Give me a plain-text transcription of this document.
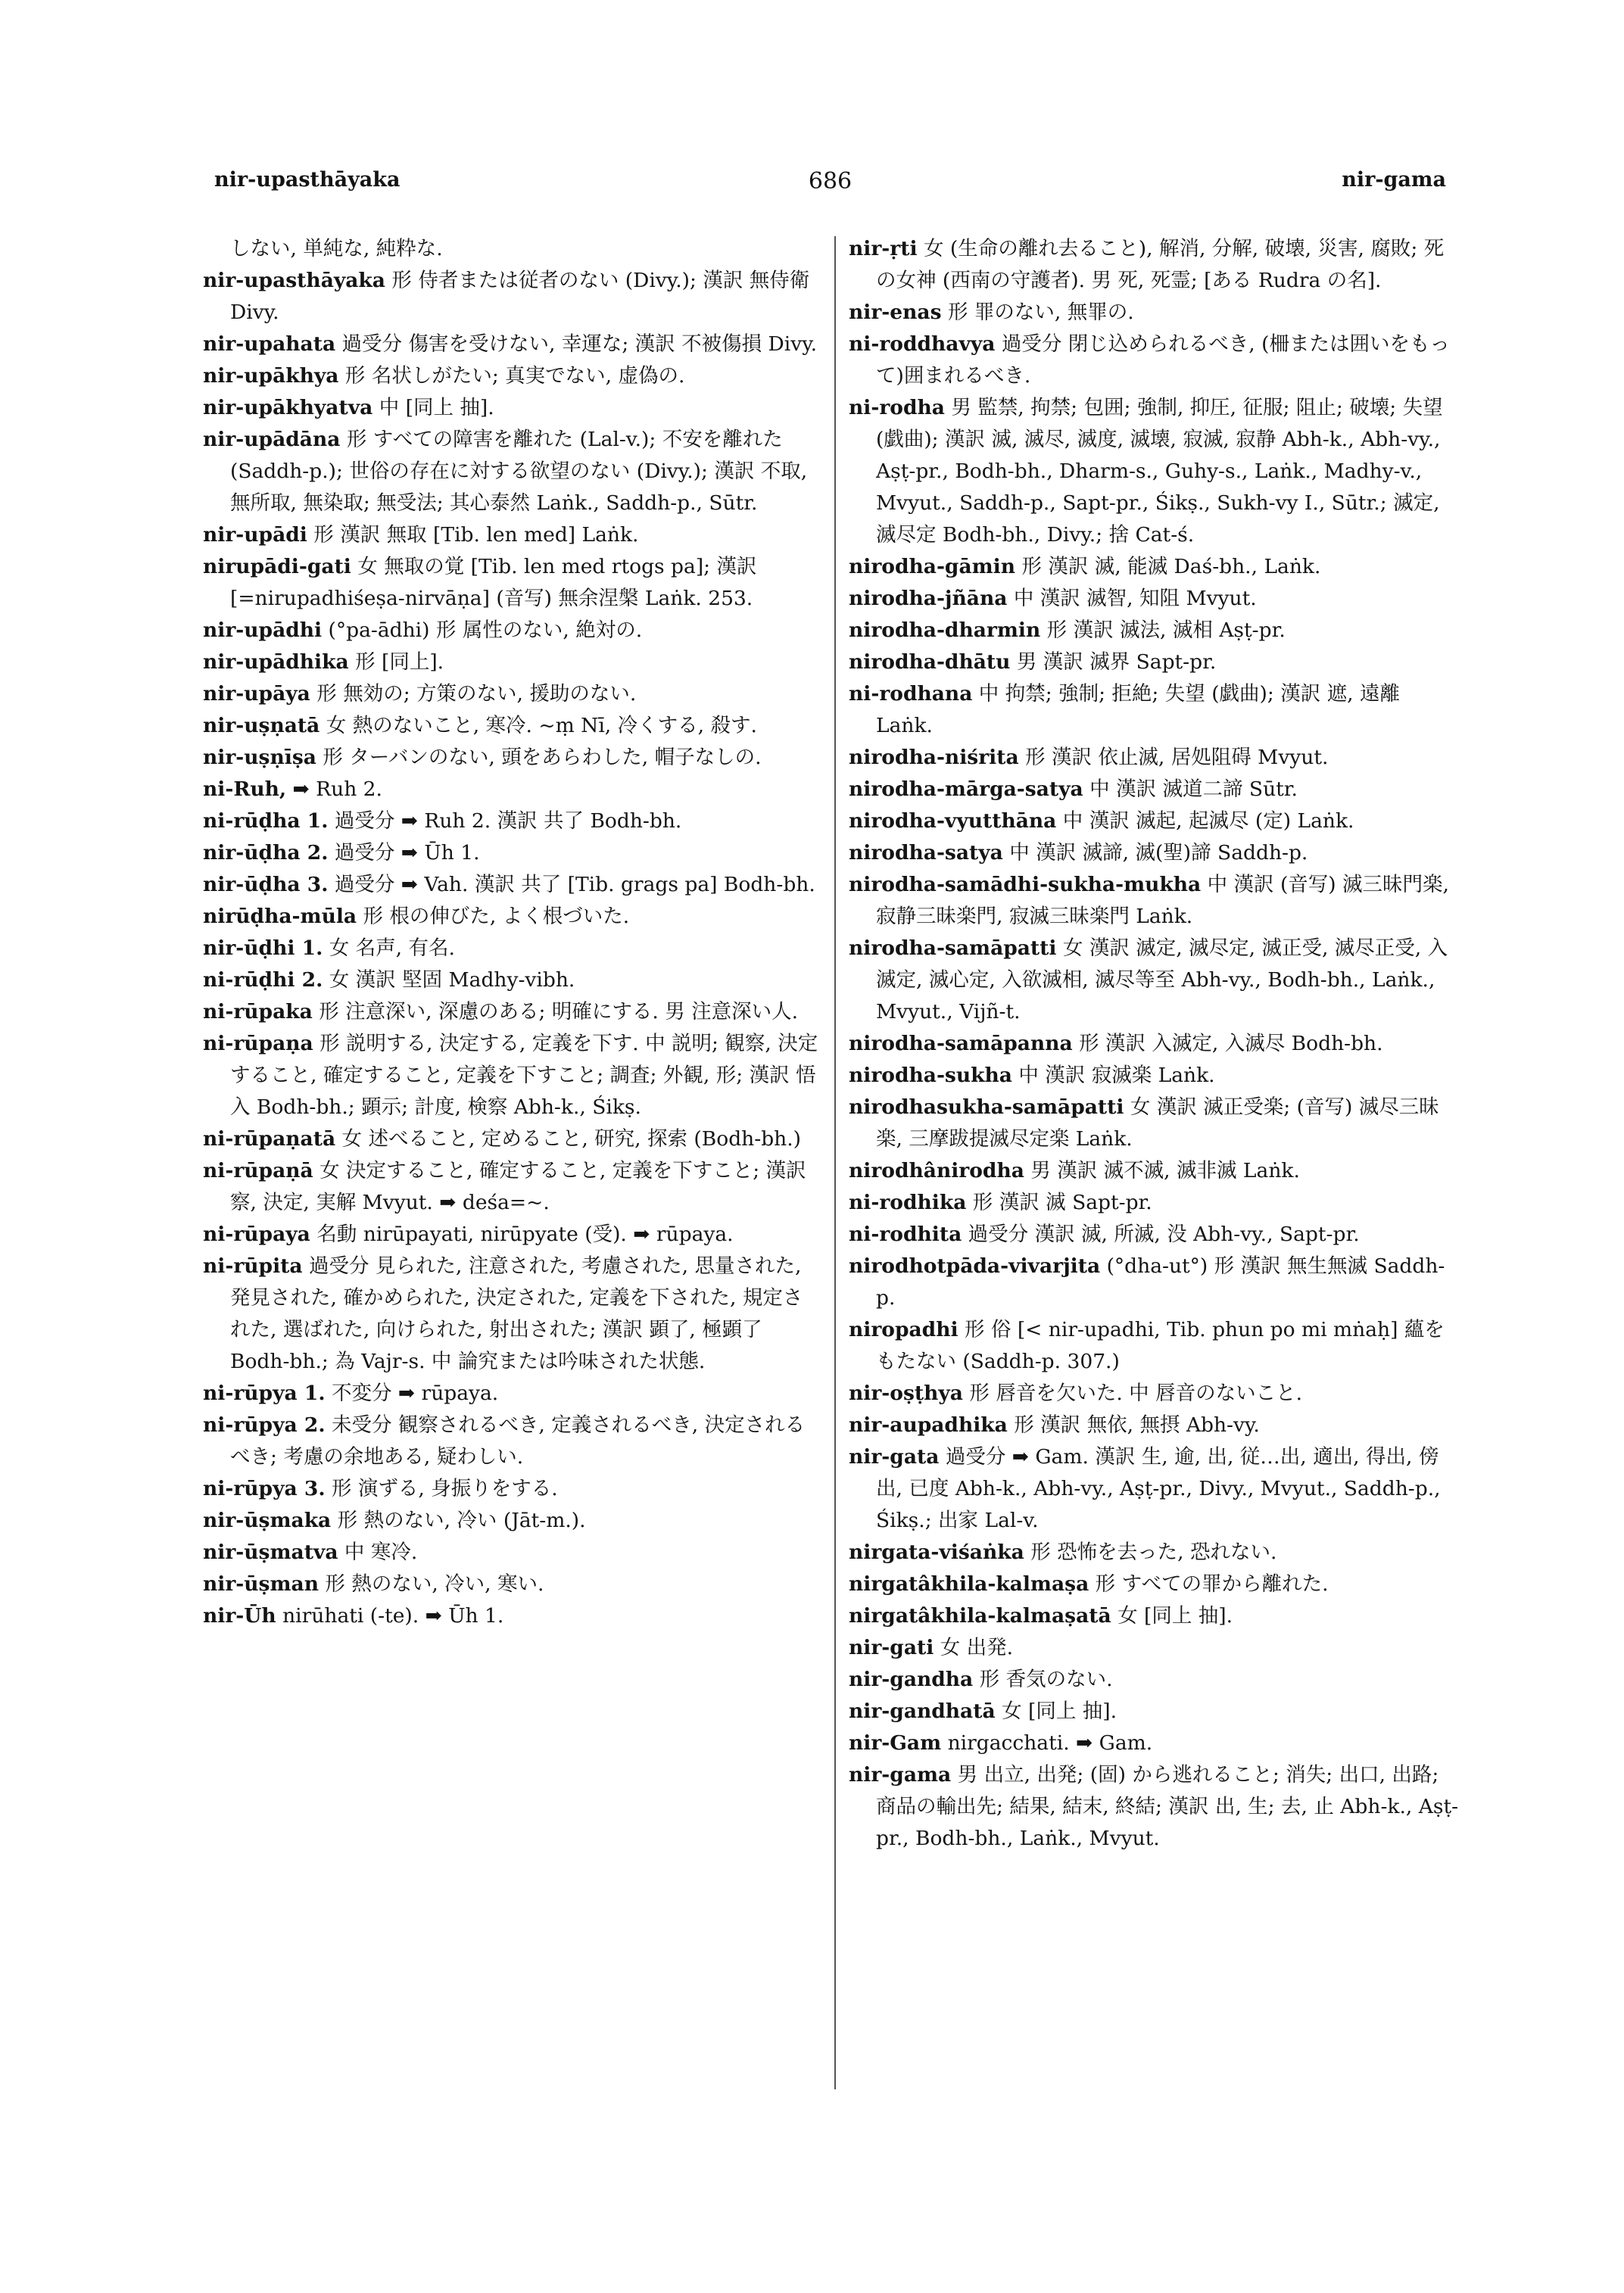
nir-upasthāyaka	686	nir-gama

しない, 単純な, 純粋な.

nir-upasthāyaka 形 侍者または従者のない (Divy.); 漢訳 無侍衛 Divy.

nir-upahata 過受分 傷害を受けない, 幸運な; 漢訳 不被傷損 Divy.

nir-upākhya 形 名状しがたい; 真実でない, 虚偽の.

nir-upākhyatva 中 [同上 抽].

nir-upādāna 形 すべての障害を離れた (Lal-v.); 不安を離れた (Saddh-p.); 世俗の存在に対する欲望のない (Divy.); 漢訳 不取, 無所取, 無染取; 無受法; 其心泰然 Laṅk., Saddh-p., Sūtr.

nir-upādi 形 漢訳 無取 [Tib. len med] Laṅk.

nirupādi-gati 女 無取の覚 [Tib. len med rtogs pa]; 漢訳 [=nirupadhiśeṣa-nirvāṇa] (音写) 無余涅槃 Laṅk. 253.

nir-upādhi (°pa-ādhi) 形 属性のない, 絶対の.

nir-upādhika 形 [同上].

nir-upāya 形 無効の; 方策のない, 援助のない.

nir-uṣṇatā 女 熱のないこと, 寒冷. ~ṃ Nī, 冷くする, 殺す.

nir-uṣṇīṣa 形 ターバンのない, 頭をあらわした, 帽子なしの.

ni-Ruh, ➡ Ruh 2.

ni-rūḍha 1. 過受分 ➡ Ruh 2. 漢訳 共了 Bodh-bh.

nir-ūḍha 2. 過受分 ➡ Ūh 1.

nir-ūḍha 3. 過受分 ➡ Vah. 漢訳 共了 [Tib. grags pa] Bodh-bh.

nirūḍha-mūla 形 根の伸びた, よく根づいた.

nir-ūḍhi 1. 女 名声, 有名.

ni-rūḍhi 2. 女 漢訳 堅固 Madhy-vibh.

ni-rūpaka 形 注意深い, 深慮のある; 明確にする. 男 注意深い人.

ni-rūpaṇa 形 説明する, 決定する, 定義を下す. 中 説明; 観察, 決定すること, 確定すること, 定義を下すこと; 調査; 外観, 形; 漢訳 悟入 Bodh-bh.; 顕示; 計度, 検察 Abh-k., Śikṣ.

ni-rūpaṇatā 女 述べること, 定めること, 研究, 探索 (Bodh-bh.)

ni-rūpaṇā 女 決定すること, 確定すること, 定義を下すこと; 漢訳 察, 決定, 実解 Mvyut. ➡ deśa=~.

ni-rūpaya 名動 nirūpayati, nirūpyate (受). ➡ rūpaya.

ni-rūpita 過受分 見られた, 注意された, 考慮された, 思量された, 発見された, 確かめられた, 決定された, 定義を下された, 規定された, 選ばれた, 向けられた, 射出された; 漢訳 顕了, 極顕了 Bodh-bh.; 為 Vajr-s. 中 論究または吟味された状態.

ni-rūpya 1. 不変分 ➡ rūpaya.

ni-rūpya 2. 未受分 観察されるべき, 定義されるべき, 決定されるべき; 考慮の余地ある, 疑わしい.

ni-rūpya 3. 形 演ずる, 身振りをする.

nir-ūṣmaka 形 熱のない, 冷い (Jāt-m.).

nir-ūṣmatva 中 寒冷.

nir-ūṣman 形 熱のない, 冷い, 寒い.

nir-Ūh nirūhati (-te). ➡ Ūh 1.

nir-ṛti 女 (生命の離れ去ること), 解消, 分解, 破壊, 災害, 腐敗; 死の女神 (西南の守護者). 男 死, 死霊; [ある Rudra の名].

nir-enas 形 罪のない, 無罪の.

ni-roddhavya 過受分 閉じ込められるべき, (柵または囲いをもって)囲まれるべき.

ni-rodha 男 監禁, 拘禁; 包囲; 強制, 抑圧, 征服; 阻止; 破壊; 失望 (戯曲); 漢訳 滅, 滅尽, 滅度, 滅壊, 寂滅, 寂静 Abh-k., Abh-vy., Aṣṭ-pr., Bodh-bh., Dharm-s., Guhy-s., Laṅk., Madhy-v., Mvyut., Saddh-p., Sapt-pr., Śikṣ., Sukh-vy I., Sūtr.; 滅定, 滅尽定 Bodh-bh., Divy.; 捨 Cat-ś.

nirodha-gāmin 形 漢訳 滅, 能滅 Daś-bh., Laṅk.

nirodha-jñāna 中 漢訳 滅智, 知阻 Mvyut.

nirodha-dharmin 形 漢訳 滅法, 滅相 Aṣṭ-pr.

nirodha-dhātu 男 漢訳 滅界 Sapt-pr.

ni-rodhana 中 拘禁; 強制; 拒絶; 失望 (戯曲); 漢訳 遮, 遠離 Laṅk.

nirodha-niśrita 形 漢訳 依止滅, 居処阻碍 Mvyut.

nirodha-mārga-satya 中 漢訳 滅道二諦 Sūtr.

nirodha-vyutthāna 中 漢訳 滅起, 起滅尽 (定) Laṅk.

nirodha-satya 中 漢訳 滅諦, 滅(聖)諦 Saddh-p.

nirodha-samādhi-sukha-mukha 中 漢訳 (音写) 滅三昧門楽, 寂静三昧楽門, 寂滅三昧楽門 Laṅk.

nirodha-samāpatti 女 漢訳 滅定, 滅尽定, 滅正受, 滅尽正受, 入滅定, 滅心定, 入欲滅相, 滅尽等至 Abh-vy., Bodh-bh., Laṅk., Mvyut., Vijñ-t.

nirodha-samāpanna 形 漢訳 入滅定, 入滅尽 Bodh-bh.

nirodha-sukha 中 漢訳 寂滅楽 Laṅk.

nirodhasukha-samāpatti 女 漢訳 滅正受楽; (音写) 滅尽三昧楽, 三摩跋提滅尽定楽 Laṅk.

nirodhânirodha 男 漢訳 滅不滅, 滅非滅 Laṅk.

ni-rodhika 形 漢訳 滅 Sapt-pr.

ni-rodhita 過受分 漢訳 滅, 所滅, 没 Abh-vy., Sapt-pr.

nirodhotpāda-vivarjita (°dha-ut°) 形 漢訳 無生無滅 Saddh-p.

niropadhi 形 俗 [< nir-upadhi, Tib. phun po mi mṅaḥ] 蘊をもたない (Saddh-p. 307.)

nir-oṣṭhya 形 唇音を欠いた. 中 唇音のないこと.

nir-aupadhika 形 漢訳 無依, 無摂 Abh-vy.

nir-gata 過受分 ➡ Gam. 漢訳 生, 逾, 出, 従…出, 適出, 得出, 傍出, 已度 Abh-k., Abh-vy., Aṣṭ-pr., Divy., Mvyut., Saddh-p., Śikṣ.; 出家 Lal-v.

nirgata-viśaṅka 形 恐怖を去った, 恐れない.

nirgatâkhila-kalmaṣa 形 すべての罪から離れた.

nirgatâkhila-kalmaṣatā 女 [同上 抽].

nir-gati 女 出発.

nir-gandha 形 香気のない.

nir-gandhatā 女 [同上 抽].

nir-Gam nirgacchati. ➡ Gam.

nir-gama 男 出立, 出発; (固) から逃れること; 消失; 出口, 出路; 商品の輸出先; 結果, 結末, 終結; 漢訳 出, 生; 去, 止 Abh-k., Aṣṭ-pr., Bodh-bh., Laṅk., Mvyut.
